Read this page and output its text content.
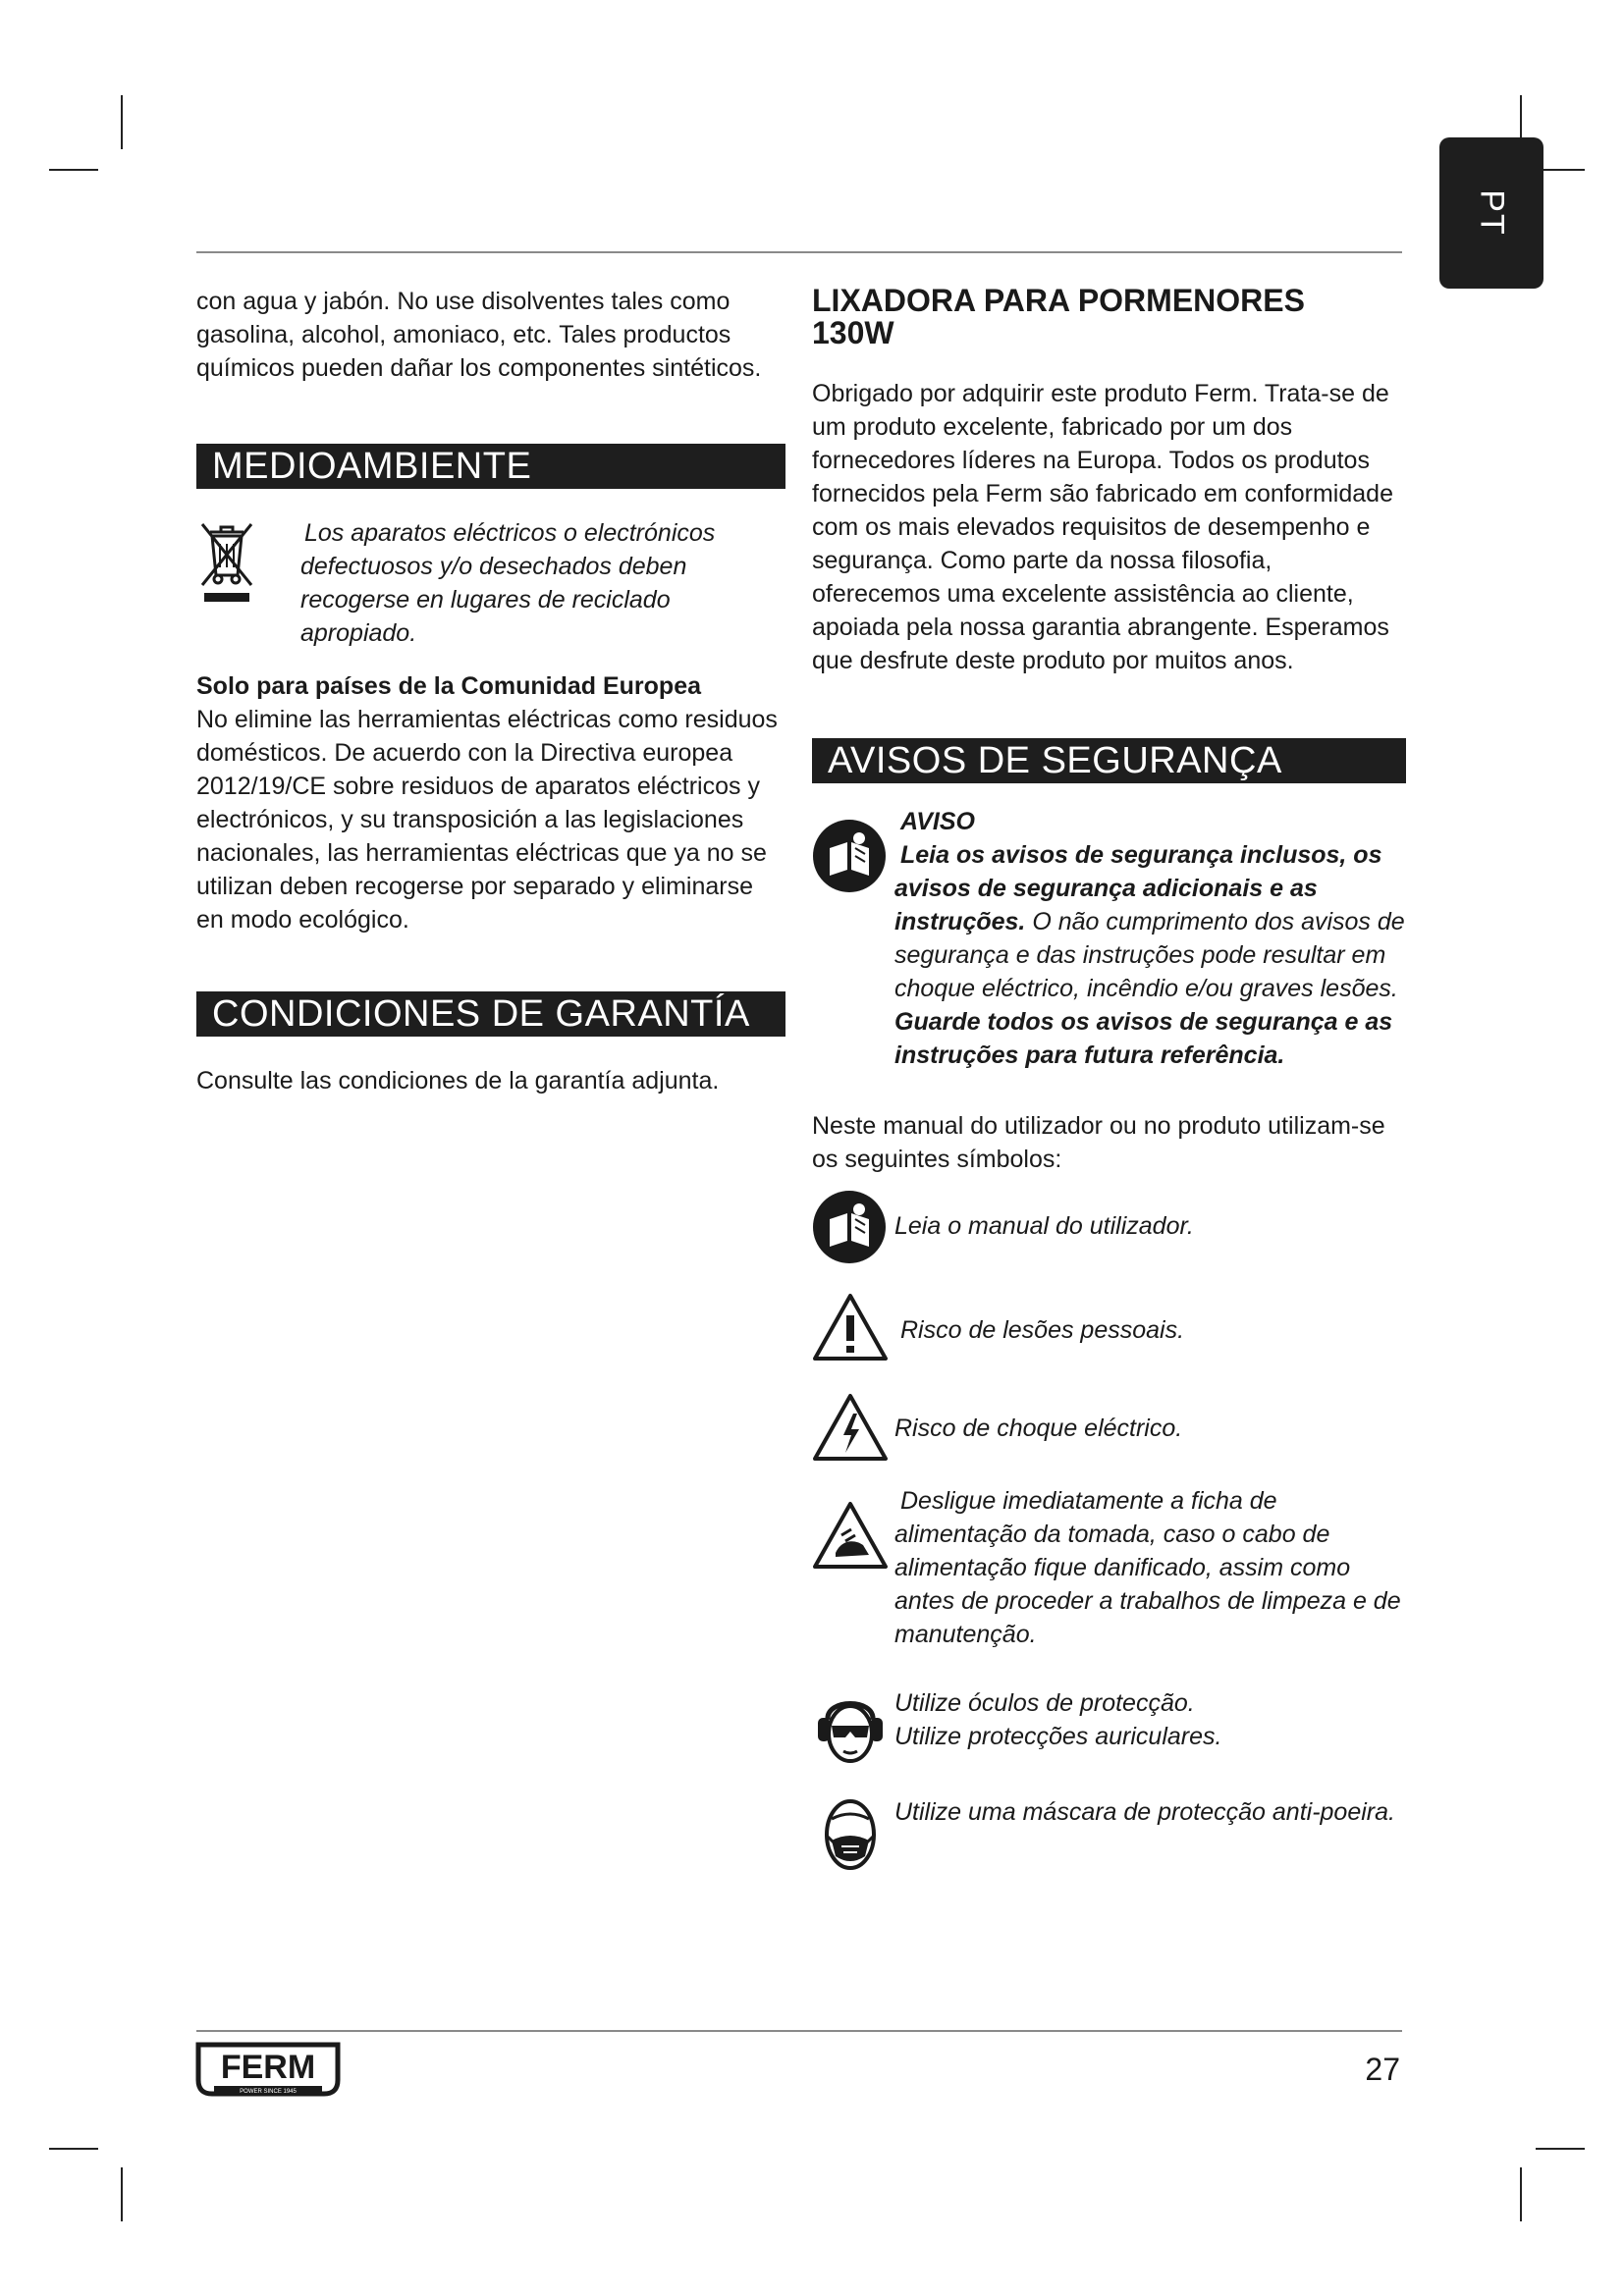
PT

con agua y jabón. No use disolventes tales como gasolina, alcohol, amoniaco, etc. Tales productos químicos pueden dañar los componentes sintéticos.

MEDIOAMBIENTE

Los aparatos eléctricos o electrónicos defectuosos y/o desechados deben recogerse en lugares de reciclado apropiado.

Solo para países de la Comunidad Europea

No elimine las herramientas eléctricas como residuos domésticos. De acuerdo con la Directiva europea 2012/19/CE sobre residuos de aparatos eléctricos y electrónicos, y su transposición a las legislaciones nacionales, las herramientas eléctricas que ya no se utilizan deben recogerse por separado y eliminarse en modo ecológico.

CONDICIONES DE GARANTÍA

Consulte las condiciones de la garantía adjunta.

LIXADORA PARA PORMENORES

130W

Obrigado por adquirir este produto Ferm. Trata-se de um produto excelente, fabricado por um dos fornecedores líderes na Europa. Todos os produtos fornecidos pela Ferm são fabricado em conformidade com os mais elevados requisitos de desempenho e segurança. Como parte da nossa filosofia, oferecemos uma excelente assistência ao cliente, apoiada pela nossa garantia abrangente. Esperamos que desfrute deste produto por muitos anos.

AVISOS DE SEGURANÇA

AVISO

Leia os avisos de segurança inclusos, os avisos de segurança adicionais e as instruções. O não cumprimento dos avisos de segurança e das instruções pode resultar em choque eléctrico, incêndio e/ou graves lesões. Guarde todos os avisos de segurança e as instruções para futura referência.

Neste manual do utilizador ou no produto utilizam-se os seguintes símbolos:

Leia o manual do utilizador.

Risco de lesões pessoais.

Risco de choque eléctrico.

Desligue imediatamente a ficha de alimentação da tomada, caso o cabo de alimentação fique danificado, assim como antes de proceder a trabalhos de limpeza e de manutenção.

Utilize óculos de protecção.

Utilize protecções auriculares.

Utilize uma máscara de protecção anti-poeira.

FERM
POWER SINCE 1945
27
